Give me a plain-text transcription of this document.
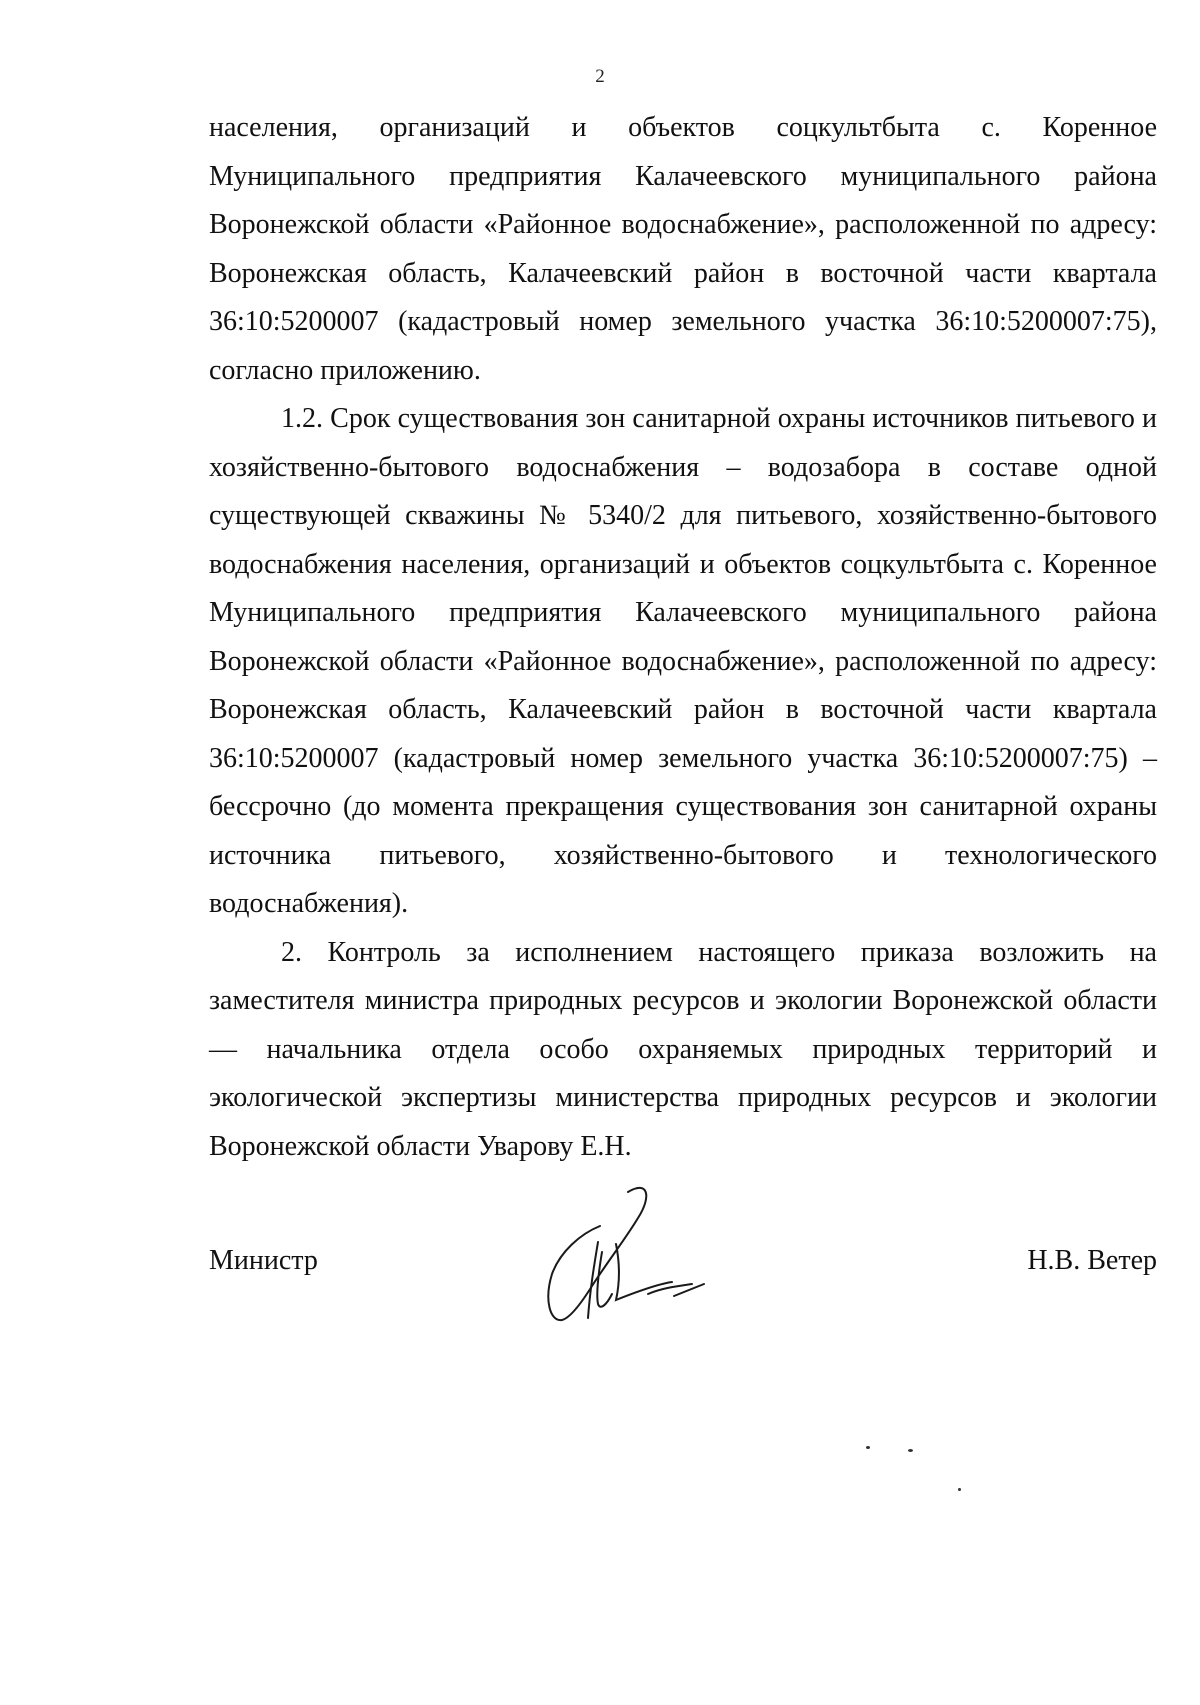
2

населения, организаций и объектов соцкультбыта с. Коренное Муниципального предприятия Калачеевского муниципального района Воронежской области «Районное водоснабжение», расположенной по адресу: Воронежская область, Калачеевский район в восточной части квартала 36:10:5200007 (кадастровый номер земельного участка 36:10:5200007:75), согласно приложению.

1.2. Срок существования зон санитарной охраны источников питьевого и хозяйственно-бытового водоснабжения – водозабора в составе одной существующей скважины № 5340/2 для питьевого, хозяйственно-бытового водоснабжения населения, организаций и объектов соцкультбыта с. Коренное Муниципального предприятия Калачеевского муниципального района Воронежской области «Районное водоснабжение», расположенной по адресу: Воронежская область, Калачеевский район в восточной части квартала 36:10:5200007 (кадастровый номер земельного участка 36:10:5200007:75) – бессрочно (до момента прекращения существования зон санитарной охраны источника питьевого, хозяйственно-бытового и технологического водоснабжения).

2. Контроль за исполнением настоящего приказа возложить на заместителя министра природных ресурсов и экологии Воронежской области — начальника отдела особо охраняемых природных территорий и экологической экспертизы министерства природных ресурсов и экологии Воронежской области Уварову Е.Н.

Министр	Н.В. Ветер
